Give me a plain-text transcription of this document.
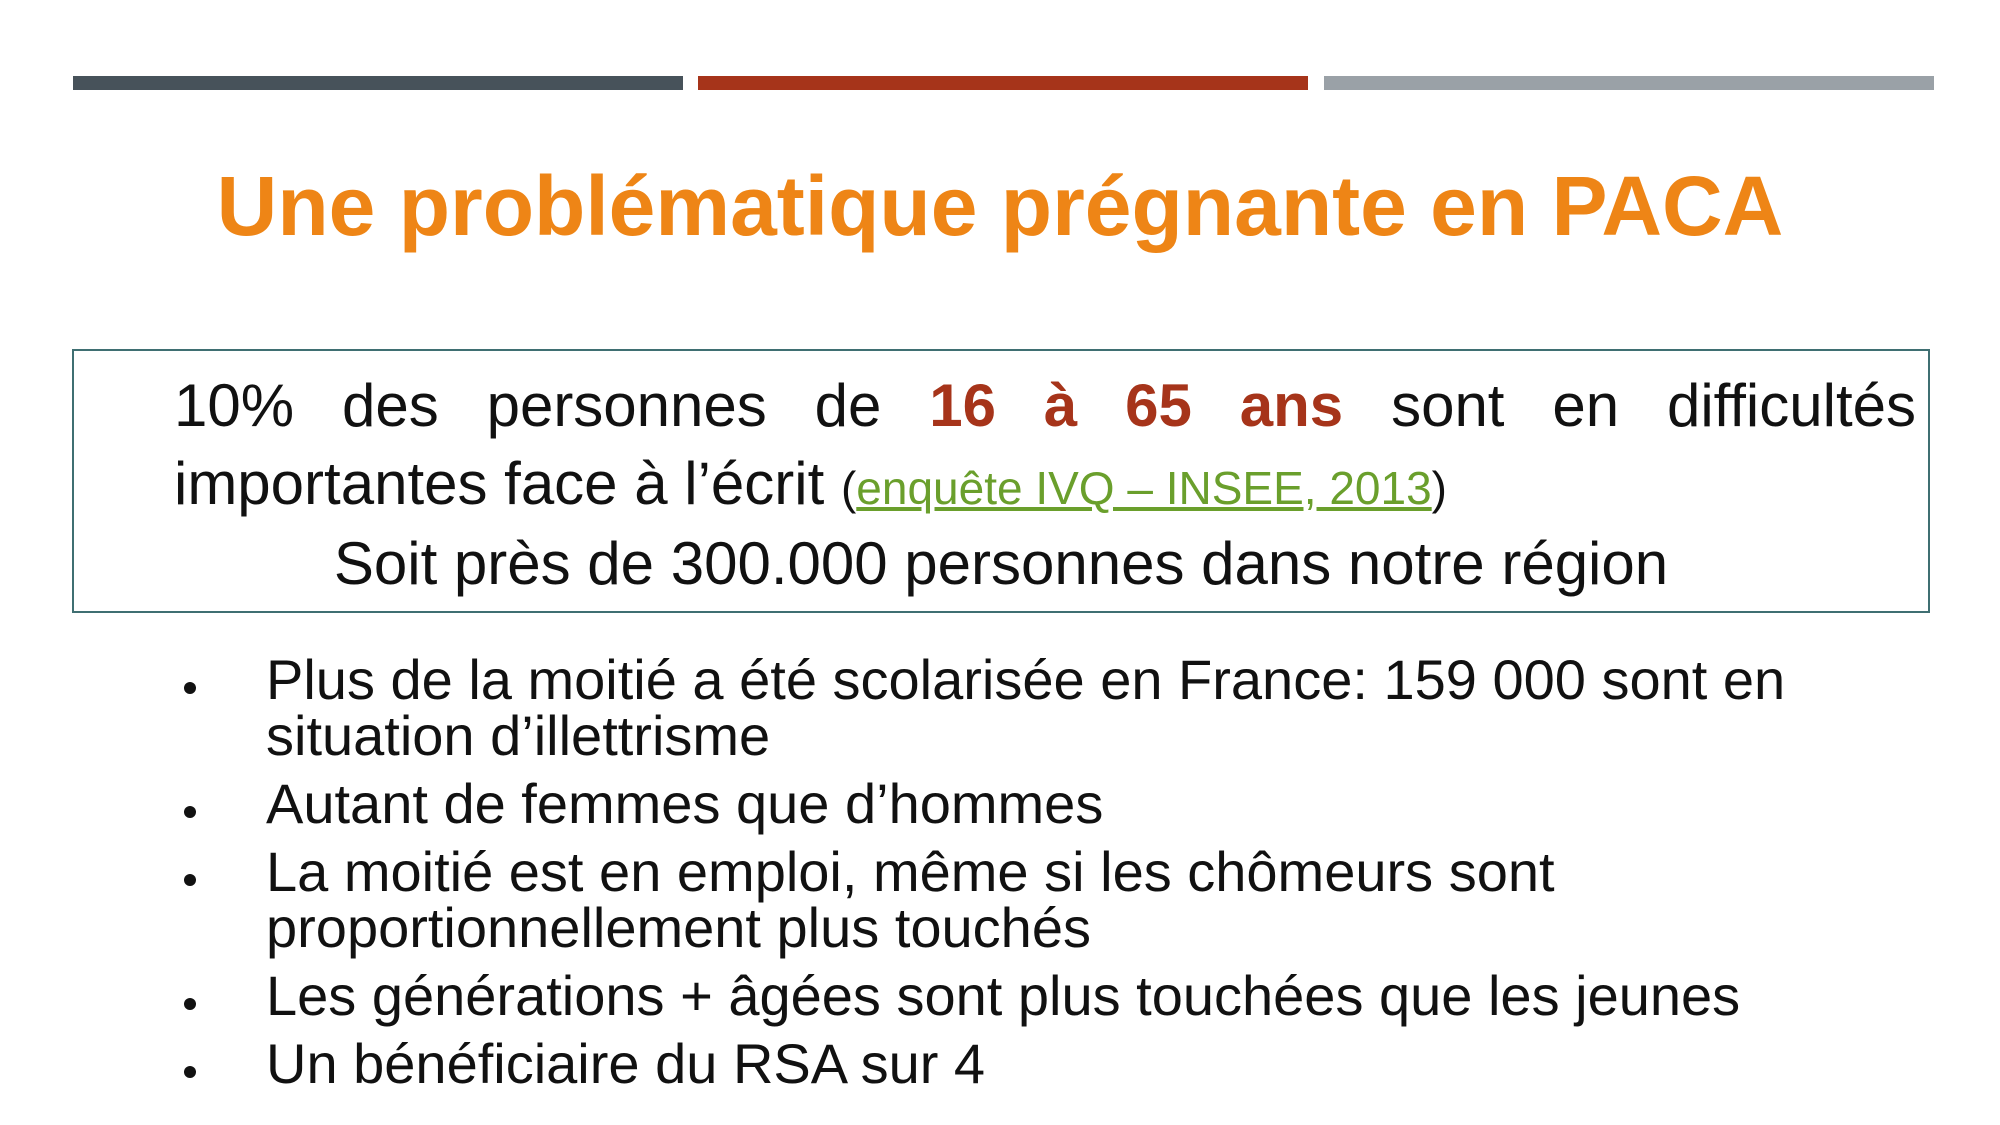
Une problématique prégnante en PACA

10% des personnes de 16 à 65 ans sont en difficultés importantes face à l’écrit (enquête IVQ – INSEE, 2013)

Soit près de 300.000 personnes dans notre région

Plus de la moitié a été scolarisée en France: 159 000 sont en situation d’illettrisme
Autant de femmes que d’hommes
La moitié est en emploi, même si les chômeurs sont proportionnellement plus touchés
Les générations + âgées sont plus touchées que les jeunes
Un bénéficiaire du RSA sur 4
